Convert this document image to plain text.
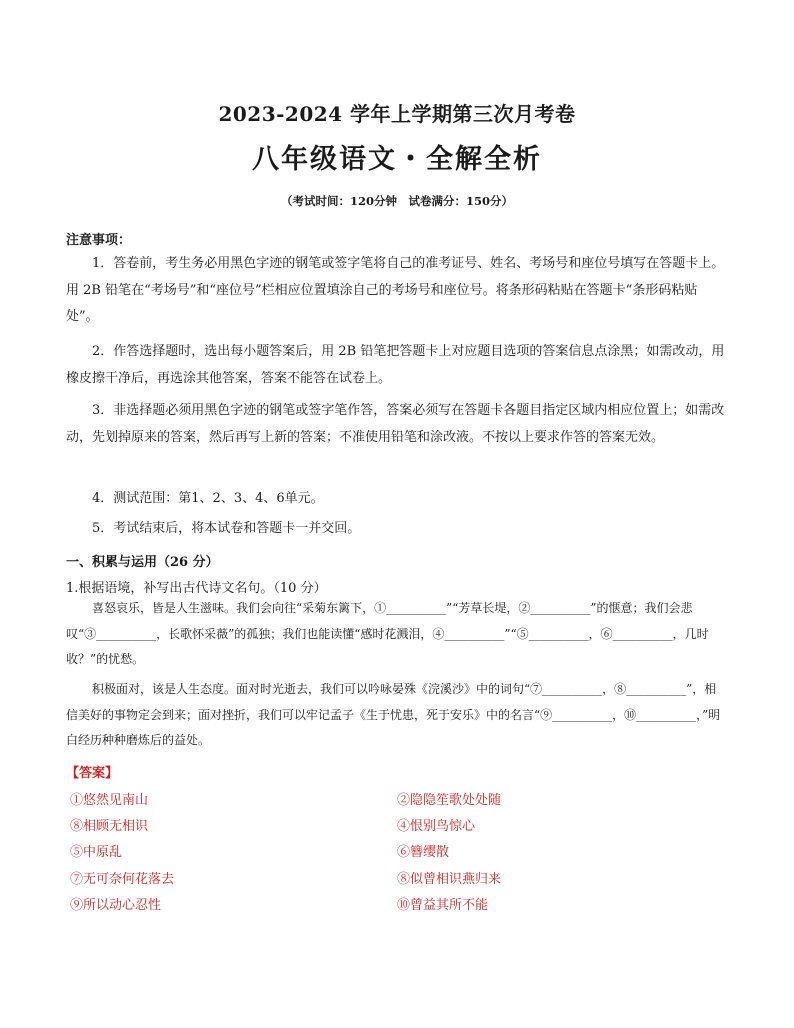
2023-2024 学年上学期第三次月考卷
八年级语文・全解全析
（考试时间：120分钟　试卷满分：150分）
注意事项：

1．答卷前，考生务必用黑色字迹的钢笔或签字笔将自己的准考证号、姓名、考场号和座位号填写在答题卡上。用 2B 铅笔在“考场号”和“座位号”栏相应位置填涂自己的考场号和座位号。将条形码粘贴在答题卡“条形码粘贴处”。

2．作答选择题时，选出每小题答案后，用 2B 铅笔把答题卡上对应题目选项的答案信息点涂黑；如需改动，用橡皮擦干净后，再选涂其他答案，答案不能答在试卷上。

3．非选择题必须用黑色字迹的钢笔或签字笔作答，答案必须写在答题卡各题目指定区域内相应位置上；如需改动，先划掉原来的答案，然后再写上新的答案；不准使用铅笔和涂改液。不按以上要求作答的答案无效。

4．测试范围：第1、2、3、4、6单元。

5．考试结束后，将本试卷和答题卡一并交回。

一、积累与运用（26 分）
1.根据语境，补写出古代诗文名句。（10 分）

喜怒哀乐，皆是人生滋味。我们会向往“采菊东篱下，①__________”“芳草长堤，②__________”的惬意；我们会悲叹“③__________，长歌怀采薇”的孤独；我们也能读懂“感时花溅泪，④__________”“⑤__________，⑥__________，几时收？”的忧愁。

积极面对，该是人生态度。面对时光逝去，我们可以吟咏晏殊《浣溪沙》中的词句“⑦__________，⑧__________”，相信美好的事物定会到来；面对挫折，我们可以牢记孟子《生于忧患，死于安乐》中的名言“⑨__________，⑩__________，”明白经历种种磨炼后的益处。

【答案】
①悠然见南山	②隐隐笙歌处处随
⑧相顾无相识	④恨别鸟惊心
⑤中原乱	⑥簪缨散
⑦无可奈何花落去	⑧似曾相识燕归来
⑨所以动心忍性	⑩曾益其所不能
